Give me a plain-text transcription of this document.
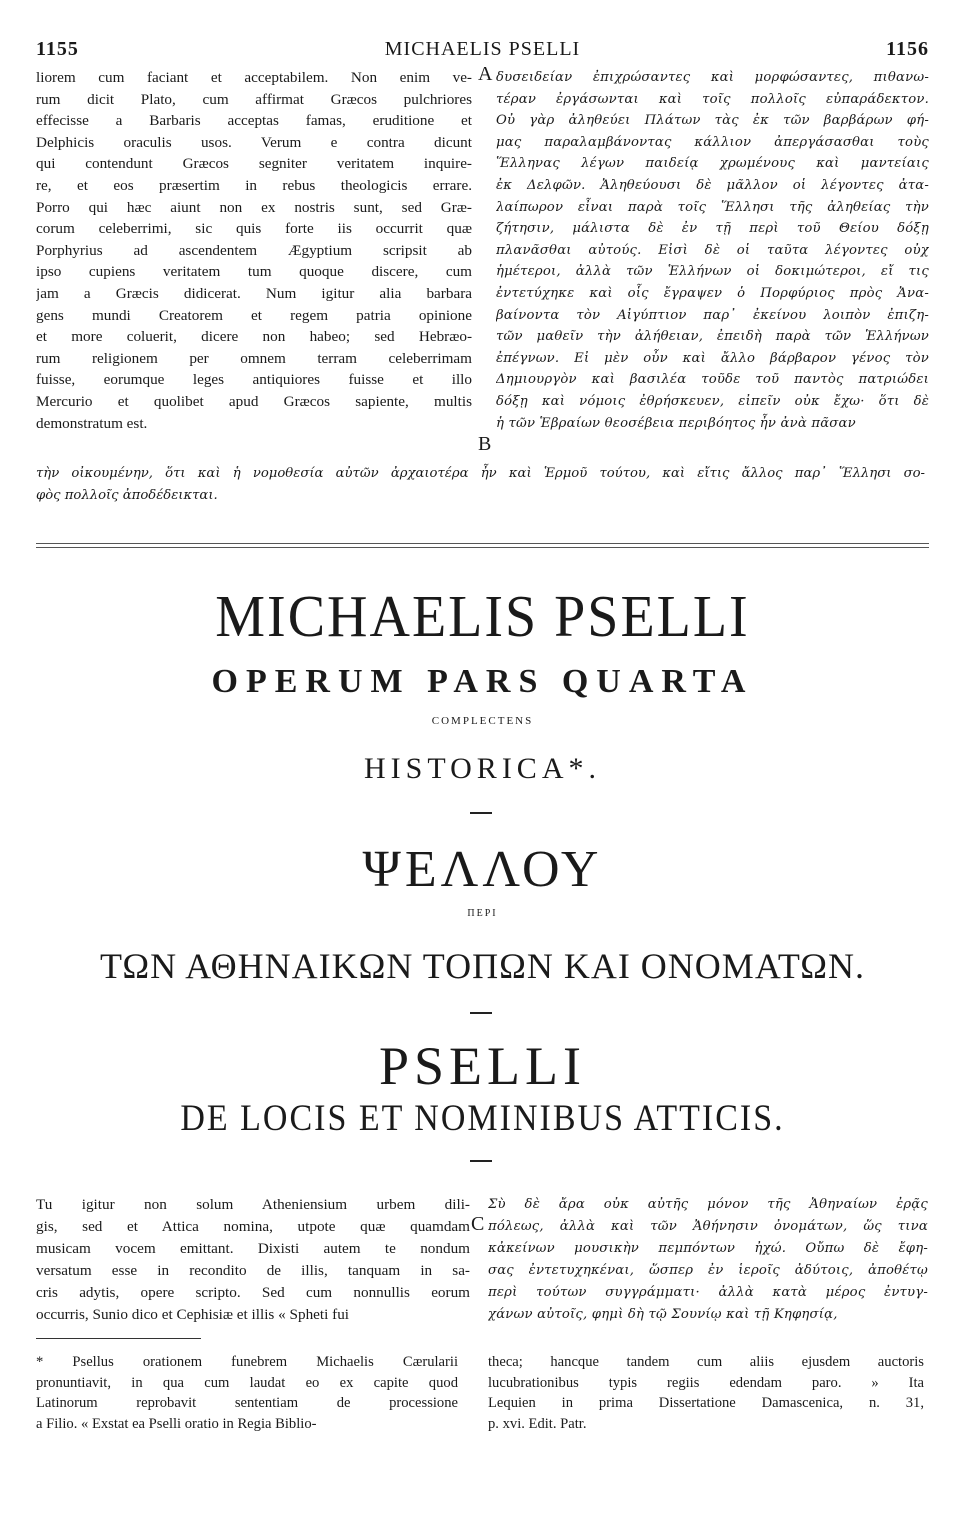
1155	MICHAELIS PSELLI	1156
liorem cum faciant et acceptabilem. Non enim ve-
rum dicit Plato, cum affirmat Græcos pulchriores
effecisse a Barbaris acceptas famas, eruditione et
Delphicis oraculis usos. Verum e contra dicunt
qui contendunt Græcos segniter veritatem inquire-
re, et eos præsertim in rebus theologicis errare.
Porro qui hæc aiunt non ex nostris sunt, sed Græ-
corum celeberrimi, sic quis forte iis occurrit quæ
Porphyrius ad ascendentem Ægyptium scripsit ab
ipso cupiens veritatem tum quoque discere, cum
jam a Græcis didicerat. Num igitur alia barbara
gens mundi Creatorem et regem patria opinione
et more coluerit, dicere non habeo; sed Hebræo-
rum religionem per omnem terram celeberrimam
fuisse, eorumque leges antiquiores fuisse et illo
Mercurio et quolibet apud Græcos sapiente, multis
demonstratum est.
δυσειδείαν ἐπιχρώσαντες καὶ μορφώσαντες, πιθανω-
τέραν ἐργάσωνται καὶ τοῖς πολλοῖς εὐπαράδεκτον.
Οὐ γὰρ ἀληθεύει Πλάτων τὰς ἐκ τῶν βαρβάρων φή-
μας παραλαμβάνοντας κάλλιον ἀπεργάσασθαι τοὺς
Ἕλληνας λέγων παιδείᾳ χρωμένους καὶ μαντείαις
ἐκ Δελφῶν. Ἀληθεύουσι δὲ μᾶλλον οἱ λέγοντες ἀτα-
λαίπωρον εἶναι παρὰ τοῖς Ἕλλησι τῆς ἀληθείας τὴν
ζήτησιν, μάλιστα δὲ ἐν τῇ περὶ τοῦ Θείου δόξῃ
πλανᾶσθαι αὐτούς. Εἰσὶ δὲ οἱ ταῦτα λέγοντες οὐχ
ἡμέτεροι, ἀλλὰ τῶν Ἑλλήνων οἱ δοκιμώτεροι, εἴ τις
ἐντετύχηκε καὶ οἷς ἔγραψεν ὁ Πορφύριος πρὸς Ἀνα-
βαίνοντα τὸν Αἰγύπτιον παρ᾽ ἐκείνου λοιπὸν ἐπιζη-
τῶν μαθεῖν τὴν ἀλήθειαν, ἐπειδὴ παρὰ τῶν Ἑλλήνων
ἐπέγνων. Εἰ μὲν οὖν καὶ ἄλλο βάρβαρον γένος τὸν
Δημιουργὸν καὶ βασιλέα τοῦδε τοῦ παντὸς πατριώδει
δόξῃ καὶ νόμοις ἐθρήσκευεν, εἰπεῖν οὐκ ἔχω· ὅτι δὲ
ἡ τῶν Ἑβραίων θεοσέβεια περιβόητος ἦν ἀνὰ πᾶσαν
A
B
τὴν οἰκουμένην, ὅτι καὶ ἡ νομοθεσία αὐτῶν ἀρχαιοτέρα ἦν καὶ Ἑρμοῦ τούτου, καὶ εἴτις ἄλλος παρ᾽ Ἕλλησι σο-
φὸς πολλοῖς ἀποδέδεικται.
MICHAELIS PSELLI
OPERUM PARS QUARTA
COMPLECTENS
HISTORICA*.
ΨΕΛΛΟΥ
ΠΕΡΙ
ΤΩΝ ΑΘΗΝΑΙΚΩΝ ΤΟΠΩΝ ΚΑΙ ΟΝΟΜΑΤΩΝ.
PSELLI
DE LOCIS ET NOMINIBUS ATTICIS.
Tu igitur non solum Atheniensium urbem dili-
gis, sed et Attica nomina, utpote quæ quamdam
musicam vocem emittant. Dixisti autem te nondum
versatum esse in recondito de illis, tanquam in sa-
cris adytis, opere scripto. Sed cum nonnullis eorum
occurris, Sunio dico et Cephisiæ et illis « Spheti fui
Σὺ δὲ ἄρα οὐκ αὐτῆς μόνον τῆς Ἀθηναίων ἐρᾷς
πόλεως, ἀλλὰ καὶ τῶν Ἀθήνησιν ὀνομάτων, ὥς τινα
κἀκείνων μουσικὴν πεμπόντων ἠχώ. Οὔπω δὲ ἔφη-
σας ἐντετυχηκέναι, ὥσπερ ἐν ἱεροῖς ἀδύτοις, ἀποθέτῳ
περὶ τούτων συγγράμματι· ἀλλὰ κατὰ μέρος ἐντυγ-
χάνων αὐτοῖς, φημὶ δὴ τῷ Σουνίῳ καὶ τῇ Κηφησίᾳ,
C
* Psellus orationem funebrem Michaelis Cærularii
pronuntiavit, in qua cum laudat eo ex capite quod
Latinorum reprobavit sententiam de processione
a Filio. « Exstat ea Pselli oratio in Regia Biblio-
theca; hancque tandem cum aliis ejusdem auctoris
lucubrationibus typis regiis edendam paro. » Ita
Lequien in prima Dissertatione Damascenica, n. 31,
p. xvi. Edit. Patr.
